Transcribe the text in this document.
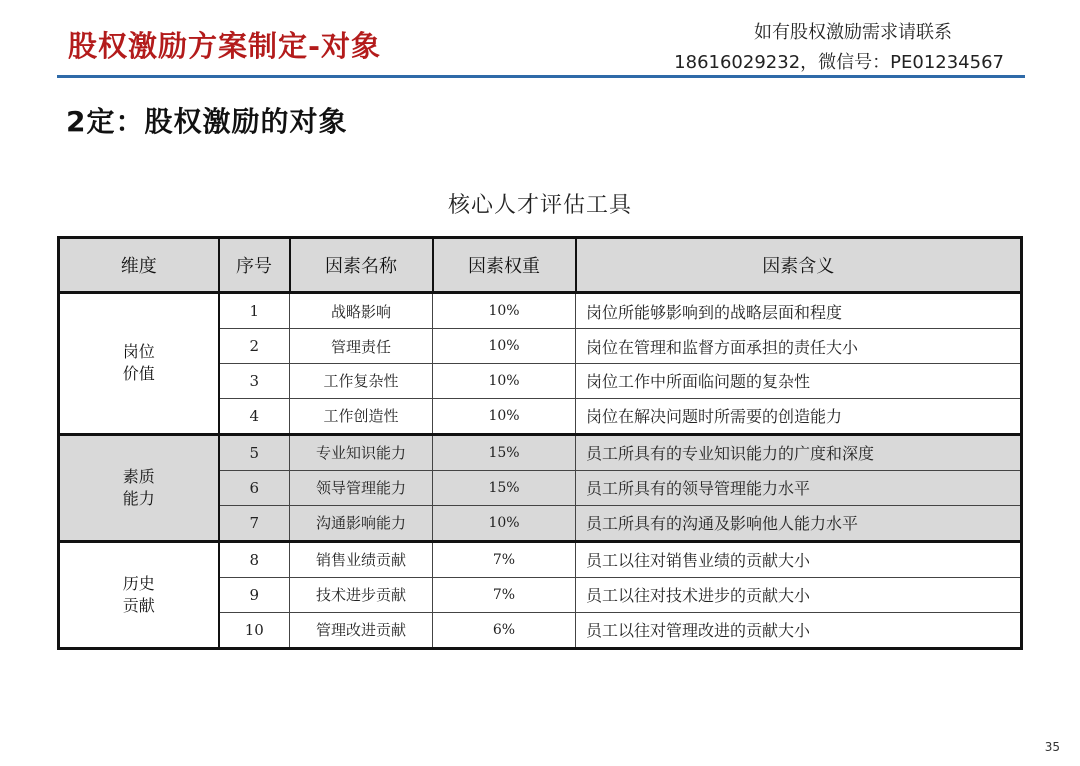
股权激励方案制定-对象	如有股权激励需求请联系
18616029232，微信号：PE01234567
2定：股权激励的对象
核心人才评估工具
维度	序号	因素名称	因素权重	因素含义

岗位
价值	1	战略影响	10%	岗位所能够影响到的战略层面和程度
	2	管理责任	10%	岗位在管理和监督方面承担的责任大小
	3	工作复杂性	10%	岗位工作中所面临问题的复杂性
	4	工作创造性	10%	岗位在解决问题时所需要的创造能力

素质
能力	5	专业知识能力	15%	员工所具有的专业知识能力的广度和深度
	6	领导管理能力	15%	员工所具有的领导管理能力水平
	7	沟通影响能力	10%	员工所具有的沟通及影响他人能力水平

历史
贡献	8	销售业绩贡献	7%	员工以往对销售业绩的贡献大小
	9	技术进步贡献	7%	员工以往对技术进步的贡献大小
	10	管理改进贡献	6%	员工以往对管理改进的贡献大小
35
